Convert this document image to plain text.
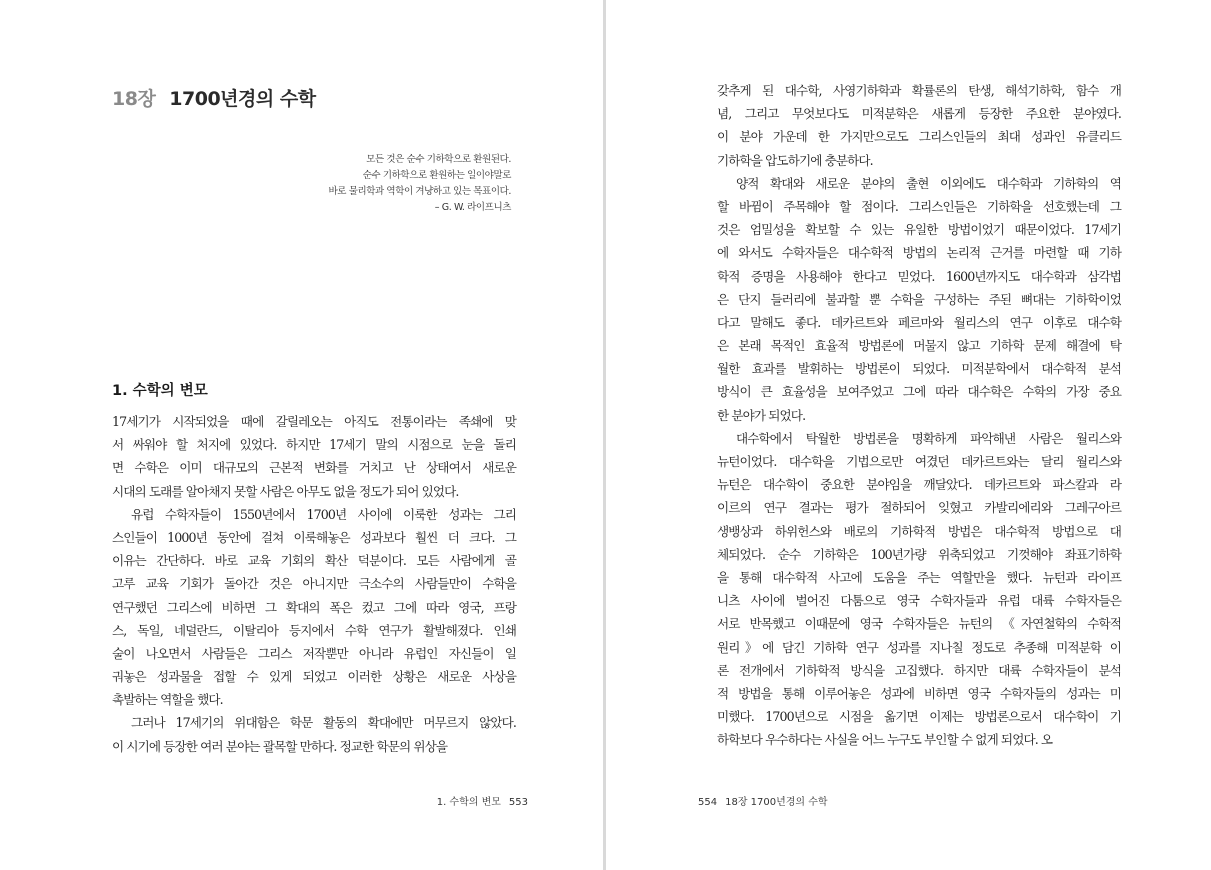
18장 1700년경의 수학
모든 것은 순수 기하학으로 환원된다.
순수 기하학으로 환원하는 일이야말로
바로 물리학과 역학이 겨냥하고 있는 목표이다.
– G. W. 라이프니츠
1. 수학의 변모
17세기가 시작되었을 때에 갈릴레오는 아직도 전통이라는 족쇄에 맞
서 싸워야 할 처지에 있었다. 하지만 17세기 말의 시점으로 눈을 돌리
면 수학은 이미 대규모의 근본적 변화를 거치고 난 상태여서 새로운
시대의 도래를 알아채지 못할 사람은 아무도 없을 정도가 되어 있었다.
유럽 수학자들이 1550년에서 1700년 사이에 이룩한 성과는 그리
스인들이 1000년 동안에 걸쳐 이룩해놓은 성과보다 훨씬 더 크다. 그
이유는 간단하다. 바로 교육 기회의 확산 덕분이다. 모든 사람에게 골
고루 교육 기회가 돌아간 것은 아니지만 극소수의 사람들만이 수학을
연구했던 그리스에 비하면 그 확대의 폭은 컸고 그에 따라 영국, 프랑
스, 독일, 네덜란드, 이탈리아 등지에서 수학 연구가 활발해졌다. 인쇄
술이 나오면서 사람들은 그리스 저작뿐만 아니라 유럽인 자신들이 일
궈놓은 성과물을 접할 수 있게 되었고 이러한 상황은 새로운 사상을
촉발하는 역할을 했다.
그러나 17세기의 위대함은 학문 활동의 확대에만 머무르지 않았다.
이 시기에 등장한 여러 분야는 괄목할 만하다. 정교한 학문의 위상을
1. 수학의 변모 553
갖추게 된 대수학, 사영기하학과 확률론의 탄생, 해석기하학, 함수 개
념, 그리고 무엇보다도 미적분학은 새롭게 등장한 주요한 분야였다.
이 분야 가운데 한 가지만으로도 그리스인들의 최대 성과인 유클리드
기하학을 압도하기에 충분하다.
양적 확대와 새로운 분야의 출현 이외에도 대수학과 기하학의 역
할 바뀜이 주목해야 할 점이다. 그리스인들은 기하학을 선호했는데 그
것은 엄밀성을 확보할 수 있는 유일한 방법이었기 때문이었다. 17세기
에 와서도 수학자들은 대수학적 방법의 논리적 근거를 마련할 때 기하
학적 증명을 사용해야 한다고 믿었다. 1600년까지도 대수학과 삼각법
은 단지 들러리에 불과할 뿐 수학을 구성하는 주된 뼈대는 기하학이었
다고 말해도 좋다. 데카르트와 페르마와 월리스의 연구 이후로 대수학
은 본래 목적인 효율적 방법론에 머물지 않고 기하학 문제 해결에 탁
월한 효과를 발휘하는 방법론이 되었다. 미적분학에서 대수학적 분석
방식이 큰 효율성을 보여주었고 그에 따라 대수학은 수학의 가장 중요
한 분야가 되었다.
대수학에서 탁월한 방법론을 명확하게 파악해낸 사람은 월리스와
뉴턴이었다. 대수학을 기법으로만 여겼던 데카르트와는 달리 월리스와
뉴턴은 대수학이 중요한 분야임을 깨달았다. 데카르트와 파스칼과 라
이르의 연구 결과는 평가 절하되어 잊혔고 카발리에리와 그레구아르
생뱅상과 하위헌스와 배로의 기하학적 방법은 대수학적 방법으로 대
체되었다. 순수 기하학은 100년가량 위축되었고 기껏해야 좌표기하학
을 통해 대수학적 사고에 도움을 주는 역할만을 했다. 뉴턴과 라이프
니츠 사이에 벌어진 다툼으로 영국 수학자들과 유럽 대륙 수학자들은
서로 반목했고 이때문에 영국 수학자들은 뉴턴의 《자연철학의 수학적
원리》에 담긴 기하학 연구 성과를 지나칠 정도로 추종해 미적분학 이
론 전개에서 기하학적 방식을 고집했다. 하지만 대륙 수학자들이 분석
적 방법을 통해 이루어놓은 성과에 비하면 영국 수학자들의 성과는 미
미했다. 1700년으로 시점을 옮기면 이제는 방법론으로서 대수학이 기
하학보다 우수하다는 사실을 어느 누구도 부인할 수 없게 되었다. 오
554 18장 1700년경의 수학
